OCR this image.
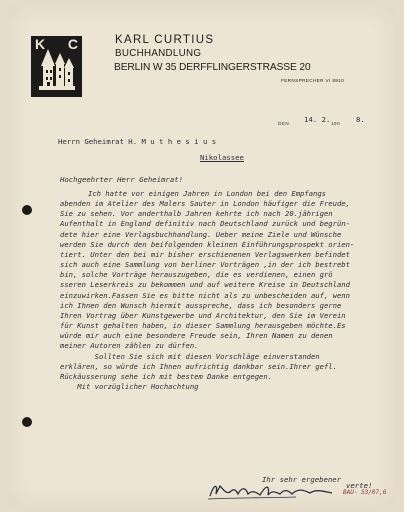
K C	KARL CURTIUS
BUCHHANDLUNG
BERLIN W 35 DERFFLINGERSTRASSE 20
FERNSPRECHER VI 8910
DEN 14. 2. 190 8.
Herrn Geheimrat H. M u t h e s i u s
Nikolassee
Hochgeehrter Herr Geheimrat!
Ich hatte vor einigen Jahren in London bei den Empfangs
abenden im Atelier des Malers Sauter in London häufiger die Freude,
Sie zu sehen. Vor anderthalb Jahren kehrte ich nach 20.jährigen
Aufenthalt in England definitiv nach Deutschland zurück und begrün-
dete hier eine Verlagsbuchhandlung. Ueber meine Ziele und Wünsche
werden Sie durch den beifolgenden kleinen Einführungsprospekt orien-
tiert. Unter den bei mir bisher erschienenen Verlagswerken befindet
sich auch eine Sammlung von berliner Vorträgen ,in der ich bestrebt
bin, solche Vorträge herauszugeben, die es verdienen, einen grö
sseren Leserkreis zu bekommen und auf weitere Kreise in Deutschland
einzuwirken.Fassen Sie es bitte nicht als zu unbescheiden auf, wenn
ich Ihnen den Wunsch hiermit ausspreche, dass ich besonders gerne
Ihren Vortrag über Kunstgewerbe und Architektur, den Sie im Verein
für Kunst gehalten haben, in dieser Sammlung herausgeben möchte.Es
würde mir auch eine besondere Freude sein, Ihren Namen zu denen
meiner Autoren zählen zu dürfen.
Sollten Sie sich mit diesen Vorschläge einverstanden
erklären, so würde ich Ihnen aufrichtig dankbar sein.Ihrer gefl.
Rückäusserung sehe ich mit bestem Danke entgegen.
Mit vorzüglicher Hochachtung
Ihr sehr ergebener
verte!
BAU- 53/07,6
